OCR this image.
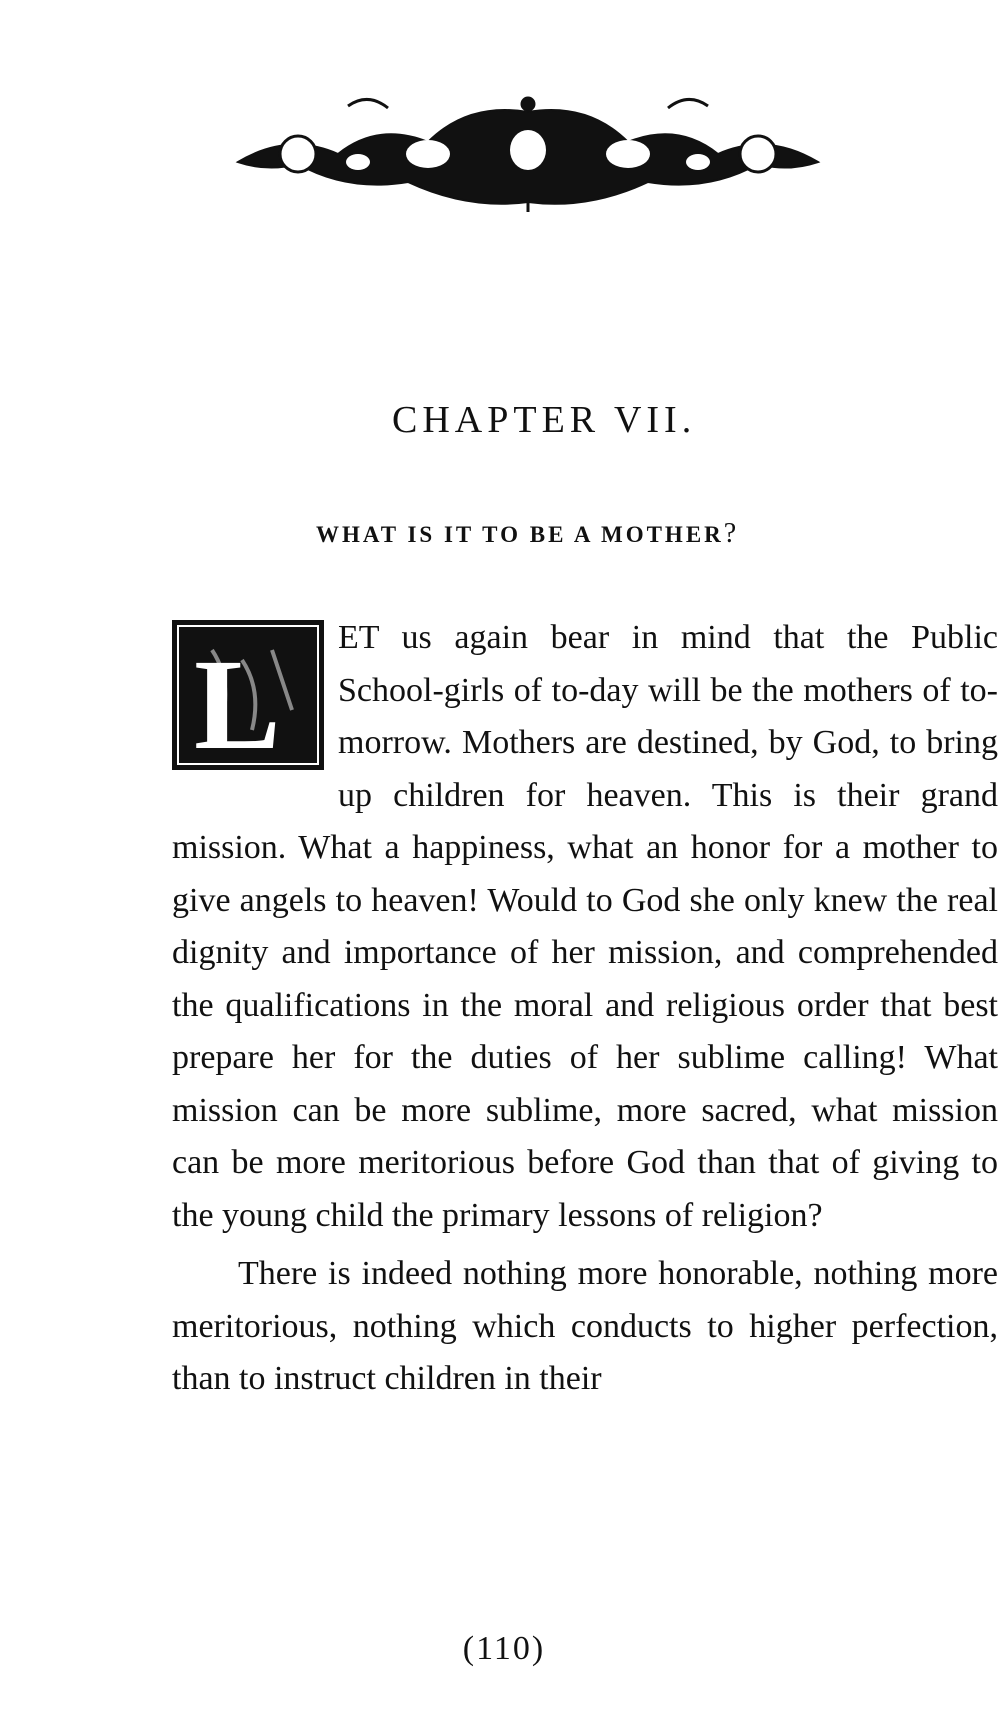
CHAPTER VII.
WHAT IS IT TO BE A MOTHER?
L	ET us again bear in mind that the Public School-girls of to-day will be the mothers of to-morrow. Mothers are destined, by God, to bring up children for heaven. This is their grand mission. What a happiness, what an honor for a mother to give angels to heaven! Would to God she only knew the real dignity and importance of her mission, and comprehended the qualifications in the moral and religious order that best prepare her for the duties of her sublime calling! What mission can be more sublime, more sacred, what mission can be more meritorious before God than that of giving to the young child the primary lessons of religion?

There is indeed nothing more honorable, nothing more meritorious, nothing which conducts to higher perfection, than to instruct children in their

(110)
